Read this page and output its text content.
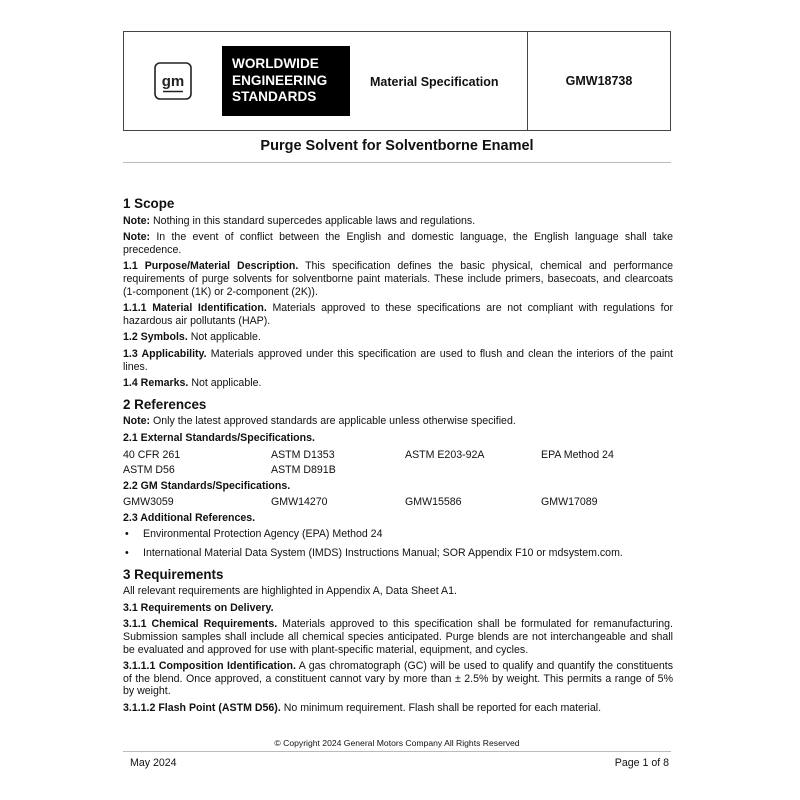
gm
WORLDWIDE
ENGINEERING
STANDARDS
Material Specification	GMW18738
Purge Solvent for Solventborne Enamel
1 Scope
Note: Nothing in this standard supercedes applicable laws and regulations.
Note: In the event of conflict between the English and domestic language, the English language shall take precedence.
1.1 Purpose/Material Description. This specification defines the basic physical, chemical and performance requirements of purge solvents for solventborne paint materials. These include primers, basecoats, and clearcoats (1-component (1K) or 2-component (2K)).
1.1.1 Material Identification. Materials approved to these specifications are not compliant with regulations for hazardous air pollutants (HAP).
1.2 Symbols. Not applicable.
1.3 Applicability. Materials approved under this specification are used to flush and clean the interiors of the paint lines.
1.4 Remarks. Not applicable.
2 References
Note: Only the latest approved standards are applicable unless otherwise specified.
2.1 External Standards/Specifications.
40 CFR 261	ASTM D1353	ASTM E203-92A	EPA Method 24
ASTM D56	ASTM D891B
2.2 GM Standards/Specifications.
GMW3059	GMW14270	GMW15586	GMW17089
2.3 Additional References.
• Environmental Protection Agency (EPA) Method 24
• International Material Data System (IMDS) Instructions Manual; SOR Appendix F10 or mdsystem.com.
3 Requirements
All relevant requirements are highlighted in Appendix A, Data Sheet A1.
3.1 Requirements on Delivery.
3.1.1 Chemical Requirements. Materials approved to this specification shall be formulated for remanufacturing. Submission samples shall include all chemical species anticipated. Purge blends are not interchangeable and shall be evaluated and approved for use with plant-specific material, equipment, and cycles.
3.1.1.1 Composition Identification. A gas chromatograph (GC) will be used to qualify and quantify the constituents of the blend. Once approved, a constituent cannot vary by more than ± 2.5% by weight. This permits a range of 5% by weight.
3.1.1.2 Flash Point (ASTM D56). No minimum requirement. Flash shall be reported for each material.
© Copyright 2024 General Motors Company All Rights Reserved
May 2024	Page 1 of 8
